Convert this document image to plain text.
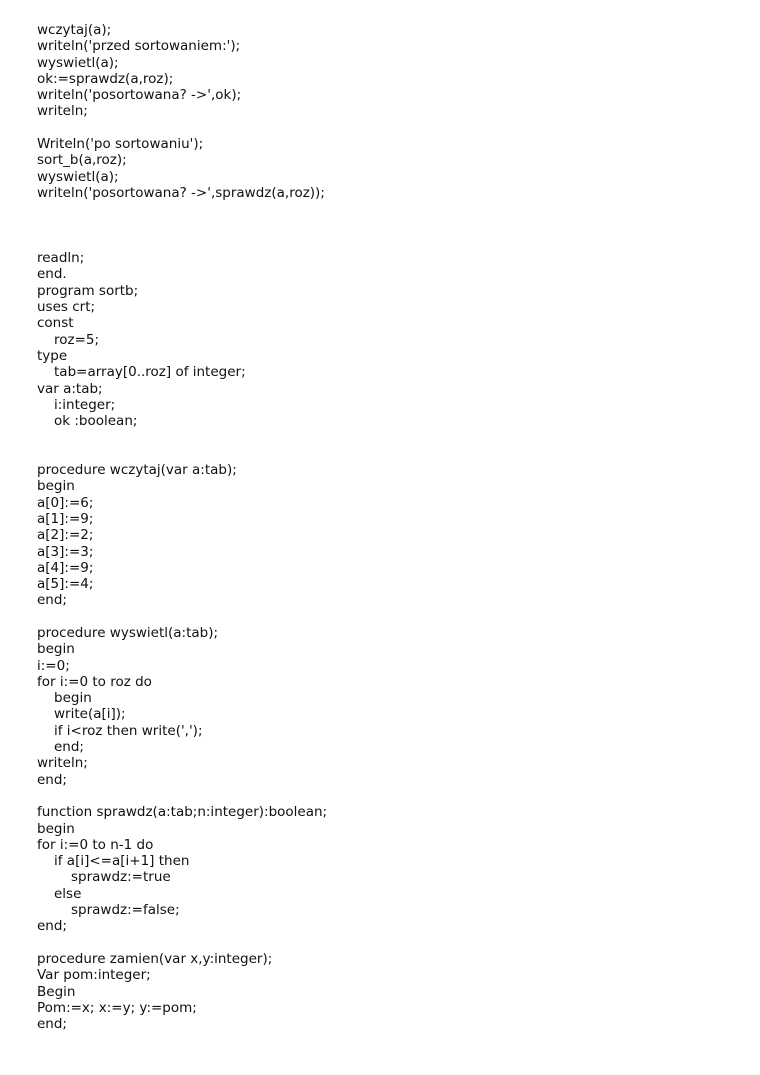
wczytaj(a);
writeln('przed sortowaniem:');
wyswietl(a);
ok:=sprawdz(a,roz);
writeln('posortowana? ->',ok);
writeln;
Writeln('po sortowaniu');
sort_b(a,roz);
wyswietl(a);
writeln('posortowana? ->',sprawdz(a,roz));
readln;
end.
program sortb;
uses crt;
const
roz=5;
type
tab=array[0..roz] of integer;
var a:tab;
i:integer;
ok :boolean;
procedure wczytaj(var a:tab);
begin
a[0]:=6;
a[1]:=9;
a[2]:=2;
a[3]:=3;
a[4]:=9;
a[5]:=4;
end;
procedure wyswietl(a:tab);
begin
i:=0;
for i:=0 to roz do
begin
write(a[i]);
if i<roz then write(',');
end;
writeln;
end;
function sprawdz(a:tab;n:integer):boolean;
begin
for i:=0 to n-1 do
if a[i]<=a[i+1] then
sprawdz:=true
else
sprawdz:=false;
end;
procedure zamien(var x,y:integer);
Var pom:integer;
Begin
Pom:=x; x:=y; y:=pom;
end;
